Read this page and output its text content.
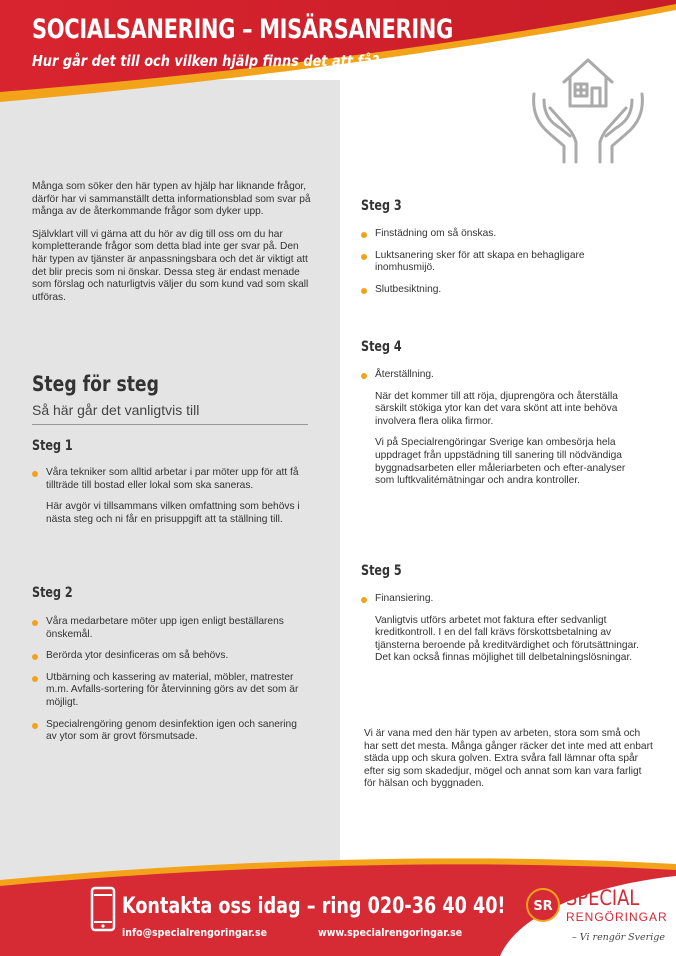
SOCIALSANERING – MISÄRSANERING
Hur går det till och vilken hjälp finns det att få?

Många som söker den här typen av hjälp har liknande frågor, därför har vi sammanställt detta informationsblad som svar på många av de återkommande frågor som dyker upp.

Självklart vill vi gärna att du hör av dig till oss om du har kompletterande frågor som detta blad inte ger svar på. Den här typen av tjänster är anpassningsbara och det är viktigt att det blir precis som ni önskar. Dessa steg är endast menade som förslag och naturligtvis väljer du som kund vad som skall utföras.

Steg för steg
Så här går det vanligtvis till
Steg 1
Våra tekniker som alltid arbetar i par möter upp för att få tillträde till bostad eller lokal som ska saneras.

Här avgör vi tillsammans vilken omfattning som behövs i nästa steg och ni får en prisuppgift att ta ställning till.

Steg 2
Våra medarbetare möter upp igen enligt beställarens önskemål.
Berörda ytor desinficeras om så behövs.
Utbärning och kassering av material, möbler, matrester m.m. Avfalls-sortering för återvinning görs av det som är möjligt.
Specialrengöring genom desinfektion igen och sanering av ytor som är grovt försmutsade.
Steg 3
Finstädning om så önskas.
Luktsanering sker för att skapa en behagligare inomhusmijö.
Slutbesiktning.
Steg 4
Återställning.

När det kommer till att röja, djuprengöra och återställa särskilt stökiga ytor kan det vara skönt att inte behöva involvera flera olika firmor.

Vi på Specialrengöringar Sverige kan ombesörja hela uppdraget från uppstädning till sanering till nödvändiga byggnadsarbeten eller måleriarbeten och efter-analyser som luftkvalitémätningar och andra kontroller.

Steg 5
Finansiering.

Vanligtvis utförs arbetet mot faktura efter sedvanligt kreditkontroll. I en del fall krävs förskottsbetalning av tjänsterna beroende på kreditvärdighet och förutsättningar. Det kan också finnas möjlighet till delbetalningslösningar.

Vi är vana med den här typen av arbeten, stora som små och har sett det mesta. Många gånger räcker det inte med att enbart städa upp och skura golven. Extra svåra fall lämnar ofta spår efter sig som skadedjur, mögel och annat som kan vara farligt för hälsan och byggnaden.

Kontakta oss idag – ring 020-36 40 40!
info@specialrengoringar.se	www.specialrengoringar.se
SR SPECIAL
RENGÖRINGAR
– Vi rengör Sverige
